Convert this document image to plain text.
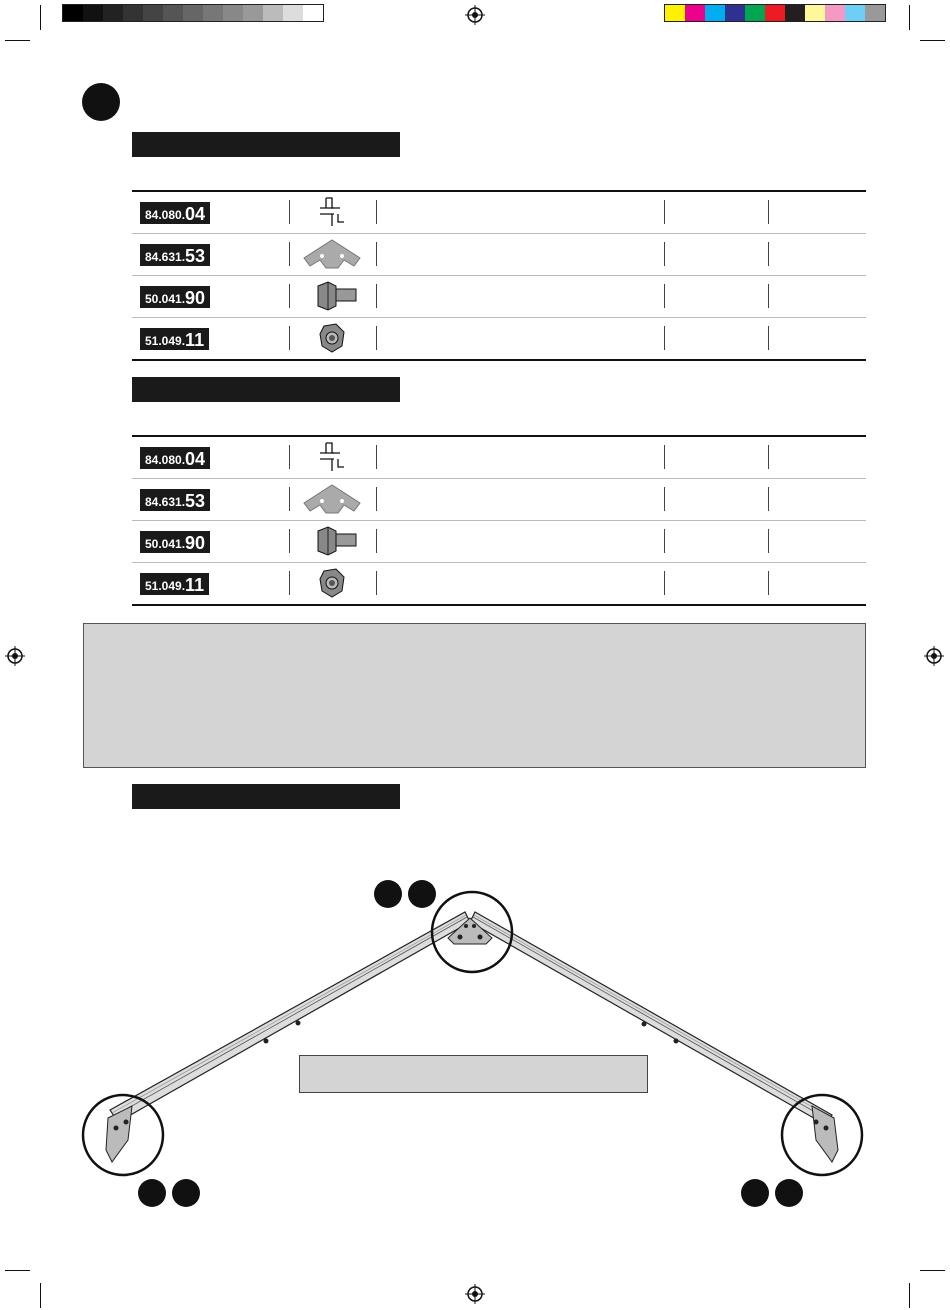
84.080. 04
84.631. 53
50.041. 90
51.049. 11
84.080. 04
84.631. 53
50.041. 90
51.049. 11
